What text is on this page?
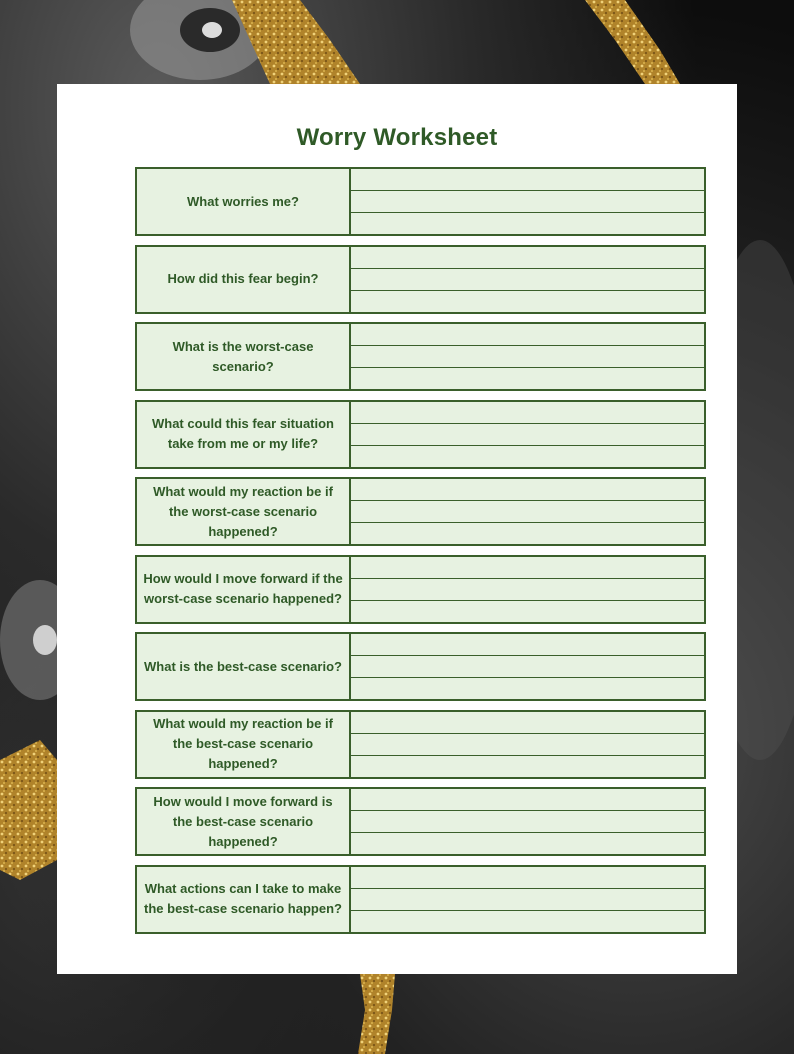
Worry Worksheet
What worries me?
How did this fear begin?
What is the worst-case scenario?
What could this fear situation take from me or my life?
What would my reaction be if the worst-case scenario happened?
How would I move forward if the worst-case scenario happened?
What is the best-case scenario?
What would my reaction be if the best-case scenario happened?
How would I move forward is the best-case scenario happened?
What actions can I take to make the best-case scenario happen?
